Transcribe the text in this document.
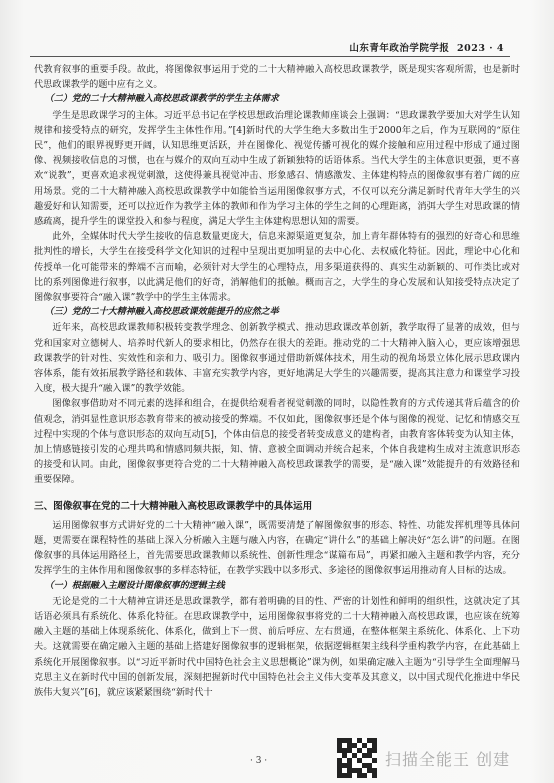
山东青年政治学院学报 2023 · 4

代教育叙事的重要手段。故此，将图像叙事运用于党的二十大精神融入高校思政课教学，既是现实客观所需，也是新时代思政课教学的题中应有之义。

（二）党的二十大精神融入高校思政课教学的学生主体需求

学生是思政课学习的主体。习近平总书记在学校思想政治理论课教师座谈会上强调：“思政课教学要加大对学生认知规律和接受特点的研究，发挥学生主体性作用。”[4]新时代的大学生绝大多数出生于2000年之后，作为互联网的“原住民”，他们的眼界视野更开阔，认知思维更活跃，并在图像化、视觉传播可视化的媒介接触和应用过程中形成了通过图像、视频接收信息的习惯，也在与媒介的双向互动中生成了新颖独特的话语体系。当代大学生的主体意识更强，更不喜欢“说教”，更喜欢追求视觉刺激，这使得兼具视觉冲击、形象感召、情感激发、主体建构特点的图像叙事有着广阔的应用场景。党的二十大精神融入高校思政课教学中如能恰当运用图像叙事方式，不仅可以充分满足新时代青年大学生的兴趣爱好和认知需要，还可以拉近作为教学主体的教师和作为学习主体的学生之间的心理距离，消弭大学生对思政课的情感疏离，提升学生的课堂投入和参与程度，满足大学生主体建构思想认知的需要。

此外，全媒体时代大学生接收的信息数量更庞大，信息来源渠道更复杂，加上青年群体特有的强烈的好奇心和思维批判性的增长，大学生在接受科学文化知识的过程中呈现出更加明显的去中心化、去权威化特征。因此，理论中心化和传授单一化可能带来的弊端不言而喻，必须针对大学生的心理特点，用多渠道获得的、真实生动新颖的、可作类比或对比的系列图像进行叙事，以此满足他们的好奇，消解他们的抵触。概而言之，大学生的身心发展和认知接受特点决定了图像叙事要符合“融入课”教学中的学生主体需求。

（三）党的二十大精神融入高校思政课效能提升的应然之举

近年来，高校思政课教师积极转变教学理念、创新教学模式、推动思政课改革创新，教学取得了显著的成效，但与党和国家对立德树人、培养时代新人的要求相比，仍然存在很大的差距。推动党的二十大精神入脑入心，更应该增强思政课教学的针对性、实效性和亲和力、吸引力。图像叙事通过借助新媒体技术，用生动的视角场景立体化展示思政课内容体系，能有效拓展教学路径和载体、丰富充实教学内容，更好地满足大学生的兴趣需要，提高其注意力和课堂学习投入度，极大提升“融入课”的教学效能。

图像叙事借助对不同元素的选择和组合，在提供给观看者视觉刺激的同时，以隐性教育的方式传递其背后蕴含的价值观念，消弭显性意识形态教育带来的被动接受的弊端。不仅如此，图像叙事还是个体与图像的视觉、记忆和情感交互过程中实现的个体与意识形态的双向互动[5]，个体由信息的接受者转变成意义的建构者，由教育客体转变为认知主体，加上情感链接引发的心理共鸣和情感同频共振，知、情、意被全面调动并统合起来，个体自我建构生成对主流意识形态的接受和认同。由此，图像叙事更符合党的二十大精神融入高校思政课教学的需要，是“融入课”效能提升的有效路径和重要保障。

三、图像叙事在党的二十大精神融入高校思政课教学中的具体运用

运用图像叙事方式讲好党的二十大精神“融入课”，既需要清楚了解图像叙事的形态、特性、功能发挥机理等具体问题，更需要在课程特性的基础上深入分析融入主题与融入内容，在确定“讲什么”的基础上解决好“怎么讲”的问题。在图像叙事的具体运用路径上，首先需要思政课教师以系统性、创新性理念“谋篇布局”，再紧扣融入主题和教学内容，充分发挥学生的主体作用和图像叙事的多样态特征，在教学实践中以多形式、多途径的图像叙事运用推动育人目标的达成。

（一）根据融入主题设计图像叙事的逻辑主线

无论是党的二十大精神宣讲还是思政课教学，都有着明确的目的性、严密的计划性和鲜明的组织性，这就决定了其话语必须具有系统化、体系化特征。在思政课教学中，运用图像叙事将党的二十大精神融入高校思政课，也应该在统筹融入主题的基础上体现系统化、体系化，做到上下一贯、前后呼应、左右贯通，在整体框架主系统化、体系化、上下功夫。这就需要在确定融入主题的基础上搭建好图像叙事的逻辑框架，依据逻辑框架主线科学重构教学内容，在此基础上系统化开展图像叙事。以“习近平新时代中国特色社会主义思想概论”课为例，如果确定融入主题为“引导学生全面理解马克思主义在新时代中国的创新发展，深刻把握新时代中国特色社会主义伟大变革及其意义，以中国式现代化推进中华民族伟大复兴”[6]，就应该紧紧围绕“新时代十

· 3 ·	扫描全能王 创建
